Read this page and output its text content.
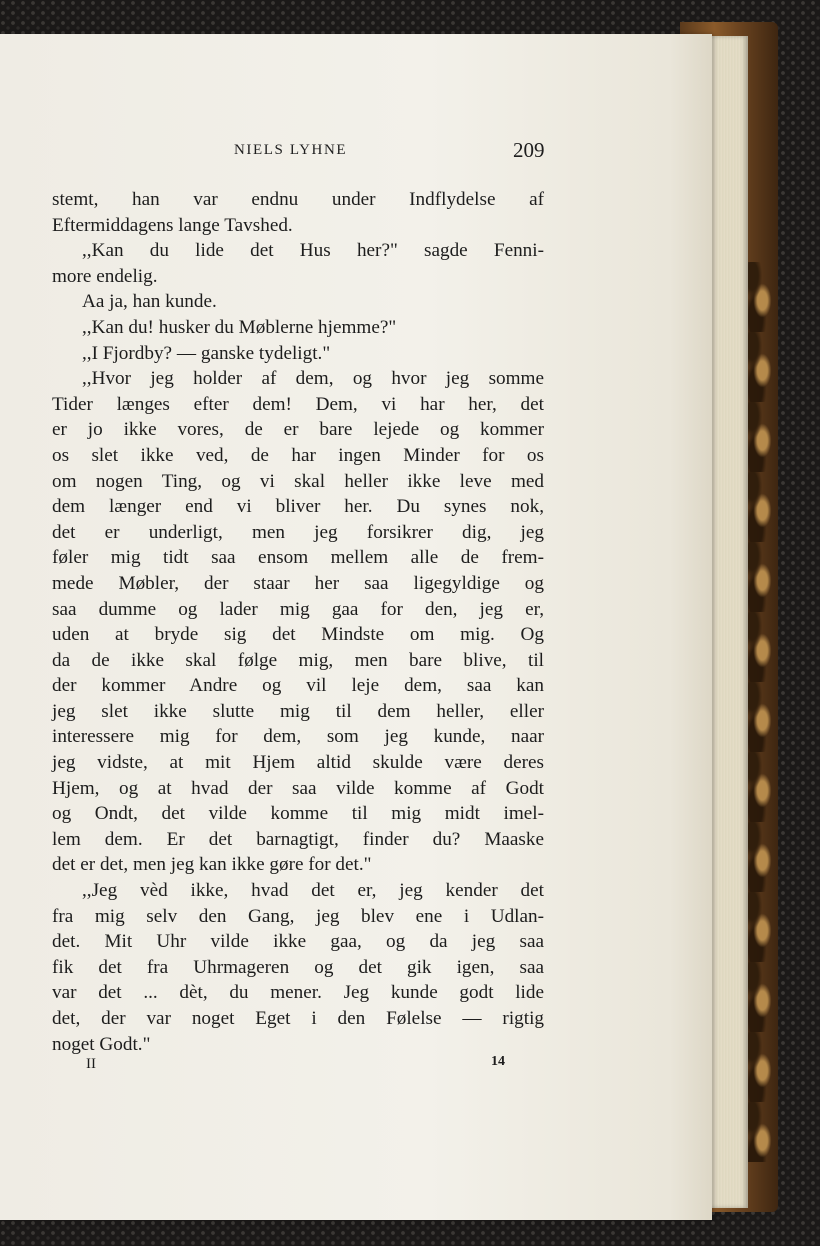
NIELS LYHNE	209
stemt, han var endnu under Indflydelse af
Eftermiddagens lange Tavshed.
,,Kan du lide det Hus her?" sagde Fenni-
more endelig.
Aa ja, han kunde.
,,Kan du! husker du Møblerne hjemme?"
,,I Fjordby? — ganske tydeligt."
,,Hvor jeg holder af dem, og hvor jeg somme
Tider længes efter dem! Dem, vi har her, det
er jo ikke vores, de er bare lejede og kommer
os slet ikke ved, de har ingen Minder for os
om nogen Ting, og vi skal heller ikke leve med
dem længer end vi bliver her. Du synes nok,
det er underligt, men jeg forsikrer dig, jeg
føler mig tidt saa ensom mellem alle de frem-
mede Møbler, der staar her saa ligegyldige og
saa dumme og lader mig gaa for den, jeg er,
uden at bryde sig det Mindste om mig. Og
da de ikke skal følge mig, men bare blive, til
der kommer Andre og vil leje dem, saa kan
jeg slet ikke slutte mig til dem heller, eller
interessere mig for dem, som jeg kunde, naar
jeg vidste, at mit Hjem altid skulde være deres
Hjem, og at hvad der saa vilde komme af Godt
og Ondt, det vilde komme til mig midt imel-
lem dem. Er det barnagtigt, finder du? Maaske
det er det, men jeg kan ikke gøre for det."
,,Jeg vèd ikke, hvad det er, jeg kender det
fra mig selv den Gang, jeg blev ene i Udlan-
det. Mit Uhr vilde ikke gaa, og da jeg saa
fik det fra Uhrmageren og det gik igen, saa
var det ... dèt, du mener. Jeg kunde godt lide
det, der var noget Eget i den Følelse — rigtig
noget Godt."
II	14
